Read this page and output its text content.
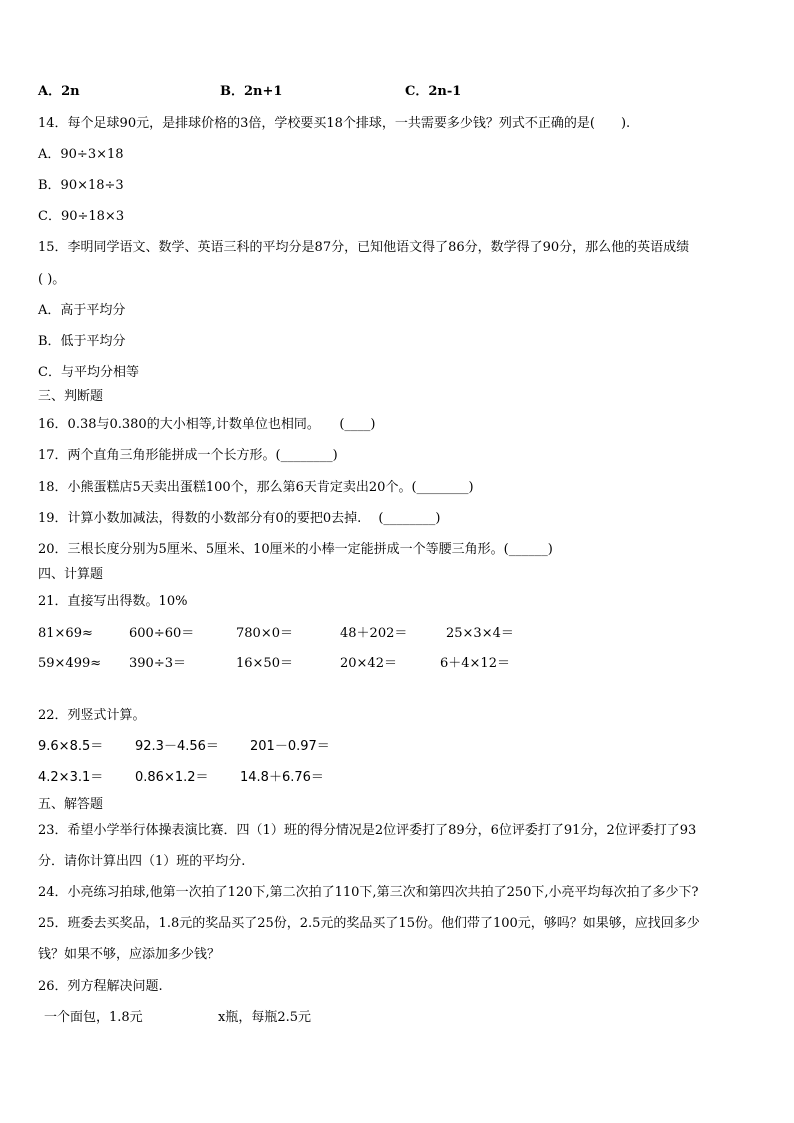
A．2n	B．2n+1	C．2n-1
14．每个足球90元，是排球价格的3倍，学校要买18个排球，一共需要多少钱？列式不正确的是(　　).
A．90÷3×18
B．90×18÷3
C．90÷18×3
15．李明同学语文、数学、英语三科的平均分是87分，已知他语文得了86分，数学得了90分，那么他的英语成绩
( )。
A．高于平均分
B．低于平均分
C．与平均分相等
三、判断题
16．0.38与0.380的大小相等,计数单位也相同。　　(____)
17．两个直角三角形能拼成一个长方形。(________)
18．小熊蛋糕店5天卖出蛋糕100个，那么第6天肯定卖出20个。(________)
19．计算小数加减法，得数的小数部分有0的要把0去掉.　 (________)
20．三根长度分别为5厘米、5厘米、10厘米的小棒一定能拼成一个等腰三角形。(______)
四、计算题
21．直接写出得数。10%
81×69≈	600÷60＝	780×0＝	48＋202＝	25×3×4＝
59×499≈ 390÷3＝	16×50＝	20×42＝	6＋4×12＝
22．列竖式计算。
9.6×8.5＝ 92.3－4.56＝ 201－0.97＝
4.2×3.1＝ 0.86×1.2＝ 14.8＋6.76＝
五、解答题
23．希望小学举行体操表演比赛．四（1）班的得分情况是2位评委打了89分，6位评委打了91分，2位评委打了93
分．请你计算出四（1）班的平均分.
24．小亮练习拍球,他第一次拍了120下,第二次拍了110下,第三次和第四次共拍了250下,小亮平均每次拍了多少下?
25．班委去买奖品，1.8元的奖品买了25份，2.5元的奖品买了15份。他们带了100元，够吗？如果够，应找回多少
钱？如果不够，应添加多少钱？
26．列方程解决问题.
一个面包，1.8元	x瓶，每瓶2.5元
